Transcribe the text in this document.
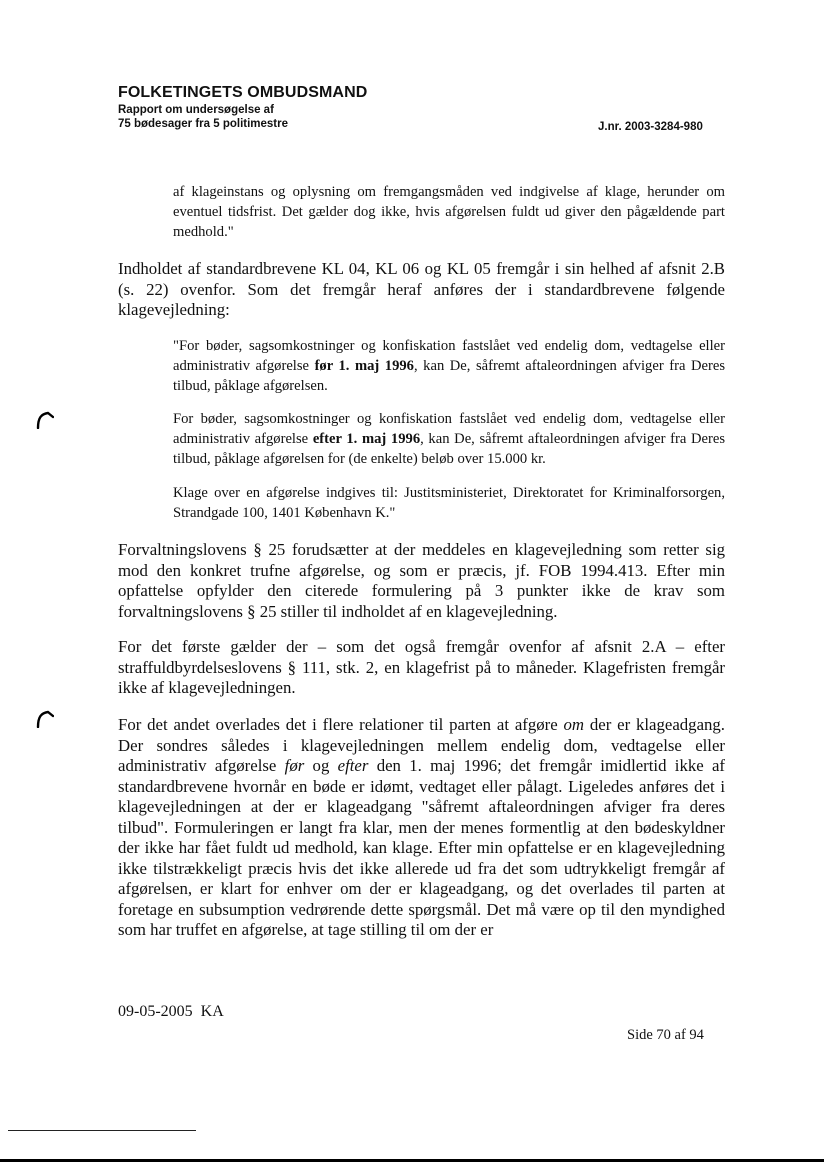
FOLKETINGETS OMBUDSMAND
Rapport om undersøgelse af
75 bødesager fra 5 politimestre	J.nr. 2003-3284-980

af klageinstans og oplysning om fremgangsmåden ved indgivelse af klage, herunder om eventuel tidsfrist. Det gælder dog ikke, hvis afgørelsen fuldt ud giver den pågældende part medhold."

Indholdet af standardbrevene KL 04, KL 06 og KL 05 fremgår i sin helhed af afsnit 2.B (s. 22) ovenfor. Som det fremgår heraf anføres der i standardbrevene følgende klagevejledning:

"For bøder, sagsomkostninger og konfiskation fastslået ved endelig dom, vedtagelse eller administrativ afgørelse før 1. maj 1996, kan De, såfremt aftaleordningen afviger fra Deres tilbud, påklage afgørelsen.

For bøder, sagsomkostninger og konfiskation fastslået ved endelig dom, vedtagelse eller administrativ afgørelse efter 1. maj 1996, kan De, såfremt aftaleordningen afviger fra Deres tilbud, påklage afgørelsen for (de enkelte) beløb over 15.000 kr.

Klage over en afgørelse indgives til: Justitsministeriet, Direktoratet for Kriminalforsorgen, Strandgade 100, 1401 København K."

Forvaltningslovens § 25 forudsætter at der meddeles en klagevejledning som retter sig mod den konkret trufne afgørelse, og som er præcis, jf. FOB 1994.413. Efter min opfattelse opfylder den citerede formulering på 3 punkter ikke de krav som forvaltningslovens § 25 stiller til indholdet af en klagevejledning.

For det første gælder der – som det også fremgår ovenfor af afsnit 2.A – efter straffuldbyrdelseslovens § 111, stk. 2, en klagefrist på to måneder. Klagefristen fremgår ikke af klagevejledningen.

For det andet overlades det i flere relationer til parten at afgøre om der er klageadgang. Der sondres således i klagevejledningen mellem endelig dom, vedtagelse eller administrativ afgørelse før og efter den 1. maj 1996; det fremgår imidlertid ikke af standardbrevene hvornår en bøde er idømt, vedtaget eller pålagt. Ligeledes anføres det i klagevejledningen at der er klageadgang "såfremt aftaleordningen afviger fra deres tilbud". Formuleringen er langt fra klar, men der menes formentlig at den bødeskyldner der ikke har fået fuldt ud medhold, kan klage. Efter min opfattelse er en klagevejledning ikke tilstrækkeligt præcis hvis det ikke allerede ud fra det som udtrykkeligt fremgår af afgørelsen, er klart for enhver om der er klageadgang, og det overlades til parten at foretage en subsumption vedrørende dette spørgsmål. Det må være op til den myndighed som har truffet en afgørelse, at tage stilling til om der er

09-05-2005  KA
Side 70 af 94
